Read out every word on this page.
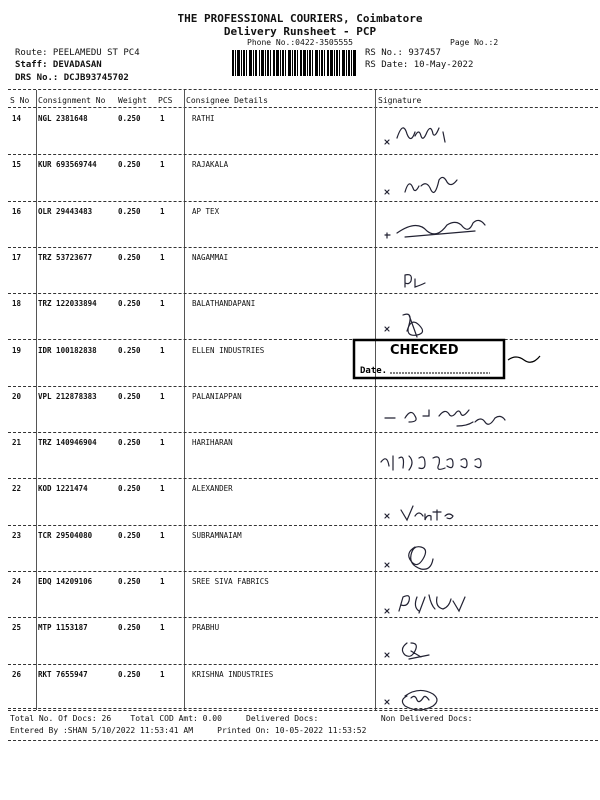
THE PROFESSIONAL COURIERS, Coimbatore
Delivery Runsheet - PCP
Phone No.:0422-3505555	Page No.:2
Route: PEELAMEDU ST PC4
Staff: DEVADASAN
DRS No.: DCJB93745702
RS No.: 937457
RS Date: 10-May-2022
S No Consignment No Weight PCS Consignee Details	Signature
14 NGL 2381648	0.250	1	RATHI
15 KUR 693569744	0.250	1	RAJAKALA
16 OLR 29443483	0.250	1	AP TEX
17 TRZ 53723677	0.250	1	NAGAMMAI
18 TRZ 122033894	0.250	1	BALATHANDAPANI
19 IDR 100182838	0.250	1	ELLEN INDUSTRIES
20 VPL 212878383	0.250	1	PALANIAPPAN
21 TRZ 140946904	0.250	1	HARIHARAN
22 KOD 1221474	0.250	1	ALEXANDER
23 TCR 29504080	0.250	1	SUBRAMNAIAM
24 EDQ 14209106	0.250	1	SREE SIVA FABRICS
25 MTP 1153187	0.250	1	PRABHU
26 RKT 7655947	0.250	1	KRISHNA INDUSTRIES
CHECKED
Date.
Total No. Of Docs: 26 Total COD Amt: 0.00	Delivered Docs:	Non Delivered Docs:
Entered By :SHAN 5/10/2022 11:53:41 AM	Printed On: 10-05-2022 11:53:52
